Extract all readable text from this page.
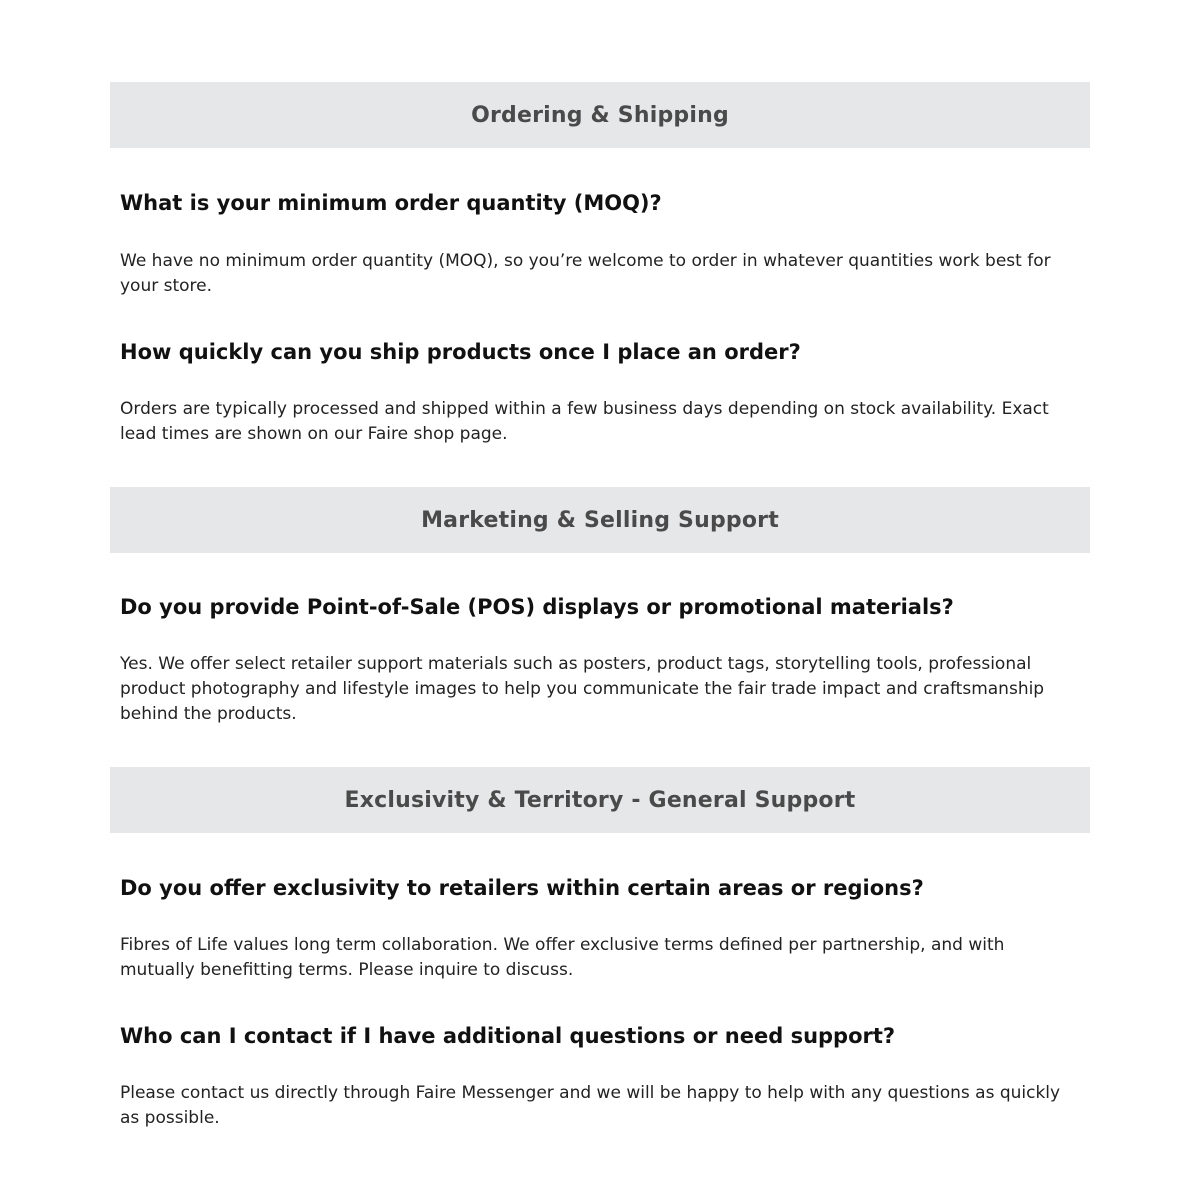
Ordering & Shipping
What is your minimum order quantity (MOQ)?

We have no minimum order quantity (MOQ), so you’re welcome to order in whatever quantities work best for your store.

How quickly can you ship products once I place an order?

Orders are typically processed and shipped within a few business days depending on stock availability. Exact lead times are shown on our Faire shop page.

Marketing & Selling Support
Do you provide Point-of-Sale (POS) displays or promotional materials?

Yes. We offer select retailer support materials such as posters, product tags, storytelling tools, professional product photography and lifestyle images to help you communicate the fair trade impact and craftsmanship behind the products.

Exclusivity & Territory - General Support
Do you offer exclusivity to retailers within certain areas or regions?

Fibres of Life values long term collaboration. We offer exclusive terms defined per partnership, and with mutually benefitting terms. Please inquire to discuss.

Who can I contact if I have additional questions or need support?

Please contact us directly through Faire Messenger and we will be happy to help with any questions as quickly as possible.
